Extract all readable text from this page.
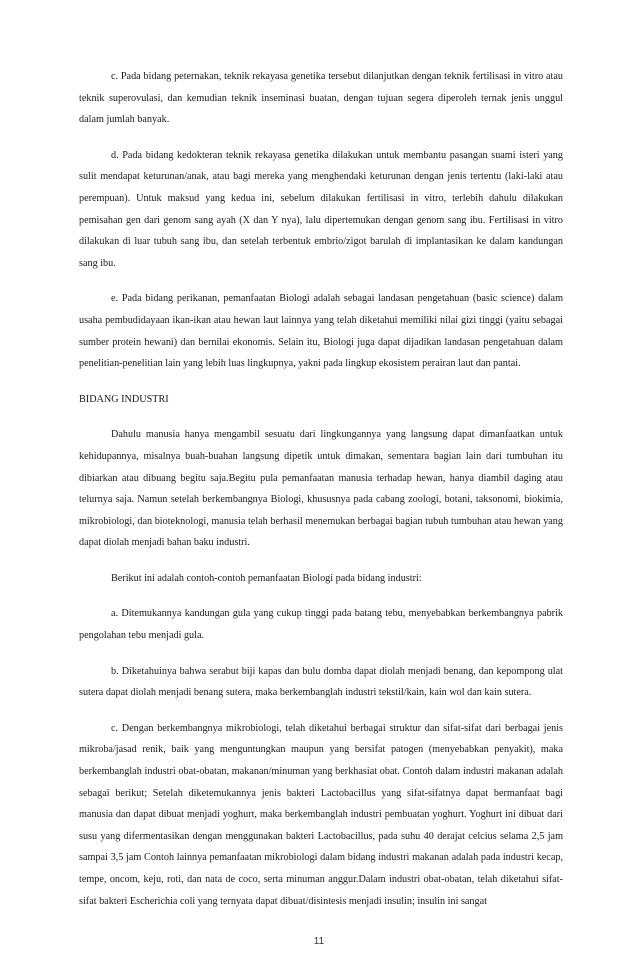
c. Pada bidang peternakan, teknik rekayasa genetika tersebut dilanjutkan dengan teknik fertilisasi in vitro atau teknik superovulasi, dan kemudian teknik inseminasi buatan, dengan tujuan segera diperoleh ternak jenis unggul dalam jumlah banyak.

d. Pada bidang kedokteran teknik rekayasa genetika dilakukan untuk membantu pasangan suami isteri yang sulit mendapat keturunan/anak, atau bagi mereka yang menghendaki keturunan dengan jenis tertentu (laki-laki atau perempuan). Untuk maksud yang kedua ini, sebelum dilakukan fertilisasi in vitro, terlebih dahulu dilakukan pemisahan gen dari genom sang ayah (X dan Y nya), lalu dipertemukan dengan genom sang ibu. Fertilisasi in vitro dilakukan di luar tubuh sang ibu, dan setelah terbentuk embrio/zigot barulah di implantasikan ke dalam kandungan sang ibu.

e. Pada bidang perikanan, pemanfaatan Biologi adalah sebagai landasan pengetahuan (basic science) dalam usaha pembudidayaan ikan-ikan atau hewan laut lainnya yang telah diketahui memiliki nilai gizi tinggi (yaitu sebagai sumber protein hewani) dan bernilai ekonomis. Selain itu, Biologi juga dapat dijadikan landasan pengetahuan dalam penelitian-penelitian lain yang lebih luas lingkupnya, yakni pada lingkup ekosistem perairan laut dan pantai.

BIDANG INDUSTRI

Dahulu manusia hanya mengambil sesuatu dari lingkungannya yang langsung dapat dimanfaatkan untuk kehidupannya, misalnya buah-buahan langsung dipetik untuk dimakan, sementara bagian lain dari tumbuhan itu dibiarkan atau dibuang begitu saja.Begitu pula pemanfaatan manusia terhadap hewan, hanya diambil daging atau telurnya saja. Namun setelah berkembangnya Biologi, khususnya pada cabang zoologi, botani, taksonomi, biokimia, mikrobiologi, dan bioteknologi, manusia telah berhasil menemukan berbagai bagian tubuh tumbuhan atau hewan yang dapat diolah menjadi bahan baku industri.

Berikut ini adalah contoh-contoh pemanfaatan Biologi pada bidang industri:

a. Ditemukannya kandungan gula yang cukup tinggi pada batang tebu, menyebabkan berkembangnya pabrik pengolahan tebu menjadi gula.

b. Diketahuinya bahwa serabut biji kapas dan bulu domba dapat diolah menjadi benang, dan kepompong ulat sutera dapat diolah menjadi benang sutera, maka berkembanglah industri tekstil/kain, kain wol dan kain sutera.

c. Dengan berkembangnya mikrobiologi, telah diketahui berbagai struktur dan sifat-sifat dari berbagai jenis mikroba/jasad renik, baik yang menguntungkan maupun yang bersifat patogen (menyebabkan penyakit), maka berkembanglah industri obat-obatan, makanan/minuman yang berkhasiat obat. Contoh dalam industri makanan adalah sebagai berikut; Setelah diketemukannya jenis bakteri Lactobacillus yang sifat-sifatnya dapat bermanfaat bagi manusia dan dapat dibuat menjadi yoghurt, maka berkembanglah industri pembuatan yoghurt. Yoghurt ini dibuat dari susu yang difermentasikan dengan menggunakan bakteri Lactobacillus, pada suhu 40 derajat celcius selama 2,5 jam sampai 3,5 jam Contoh lainnya pemanfaatan mikrobiologi dalam bidang industri makanan adalah pada industri kecap, tempe, oncom, keju, roti, dan nata de coco, serta minuman anggur.Dalam industri obat-obatan, telah diketahui sifat-sifat bakteri Escherichia coli yang ternyata dapat dibuat/disintesis menjadi insulin; insulin ini sangat

11
